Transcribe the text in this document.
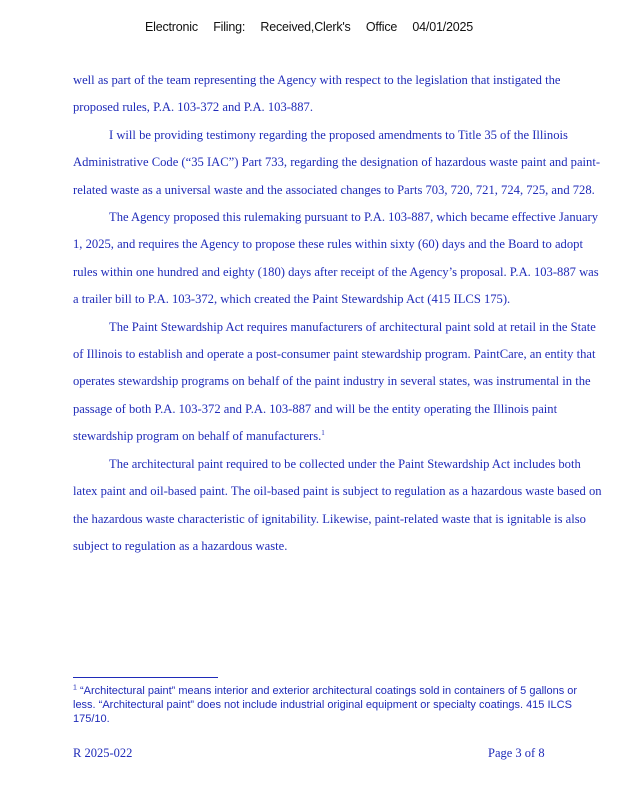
Electronic Filing: Received,Clerk's Office 04/01/2025

well as part of the team representing the Agency with respect to the legislation that instigated the proposed rules, P.A. 103-372 and P.A. 103-887.

I will be providing testimony regarding the proposed amendments to Title 35 of the Illinois Administrative Code (“35 IAC”) Part 733, regarding the designation of hazardous waste paint and paint-related waste as a universal waste and the associated changes to Parts 703, 720, 721, 724, 725, and 728.

The Agency proposed this rulemaking pursuant to P.A. 103-887, which became effective January 1, 2025, and requires the Agency to propose these rules within sixty (60) days and the Board to adopt rules within one hundred and eighty (180) days after receipt of the Agency’s proposal. P.A. 103-887 was a trailer bill to P.A. 103-372, which created the Paint Stewardship Act (415 ILCS 175).

The Paint Stewardship Act requires manufacturers of architectural paint sold at retail in the State of Illinois to establish and operate a post-consumer paint stewardship program. PaintCare, an entity that operates stewardship programs on behalf of the paint industry in several states, was instrumental in the passage of both P.A. 103-372 and P.A. 103-887 and will be the entity operating the Illinois paint stewardship program on behalf of manufacturers.$^1$

The architectural paint required to be collected under the Paint Stewardship Act includes both latex paint and oil-based paint. The oil-based paint is subject to regulation as a hazardous waste based on the hazardous waste characteristic of ignitability. Likewise, paint-related waste that is ignitable is also subject to regulation as a hazardous waste.

$^1$ “Architectural paint” means interior and exterior architectural coatings sold in containers of 5 gallons or less. “Architectural paint” does not include industrial original equipment or specialty coatings. 415 ILCS 175/10.
R 2025-022	Page 3 of 8
